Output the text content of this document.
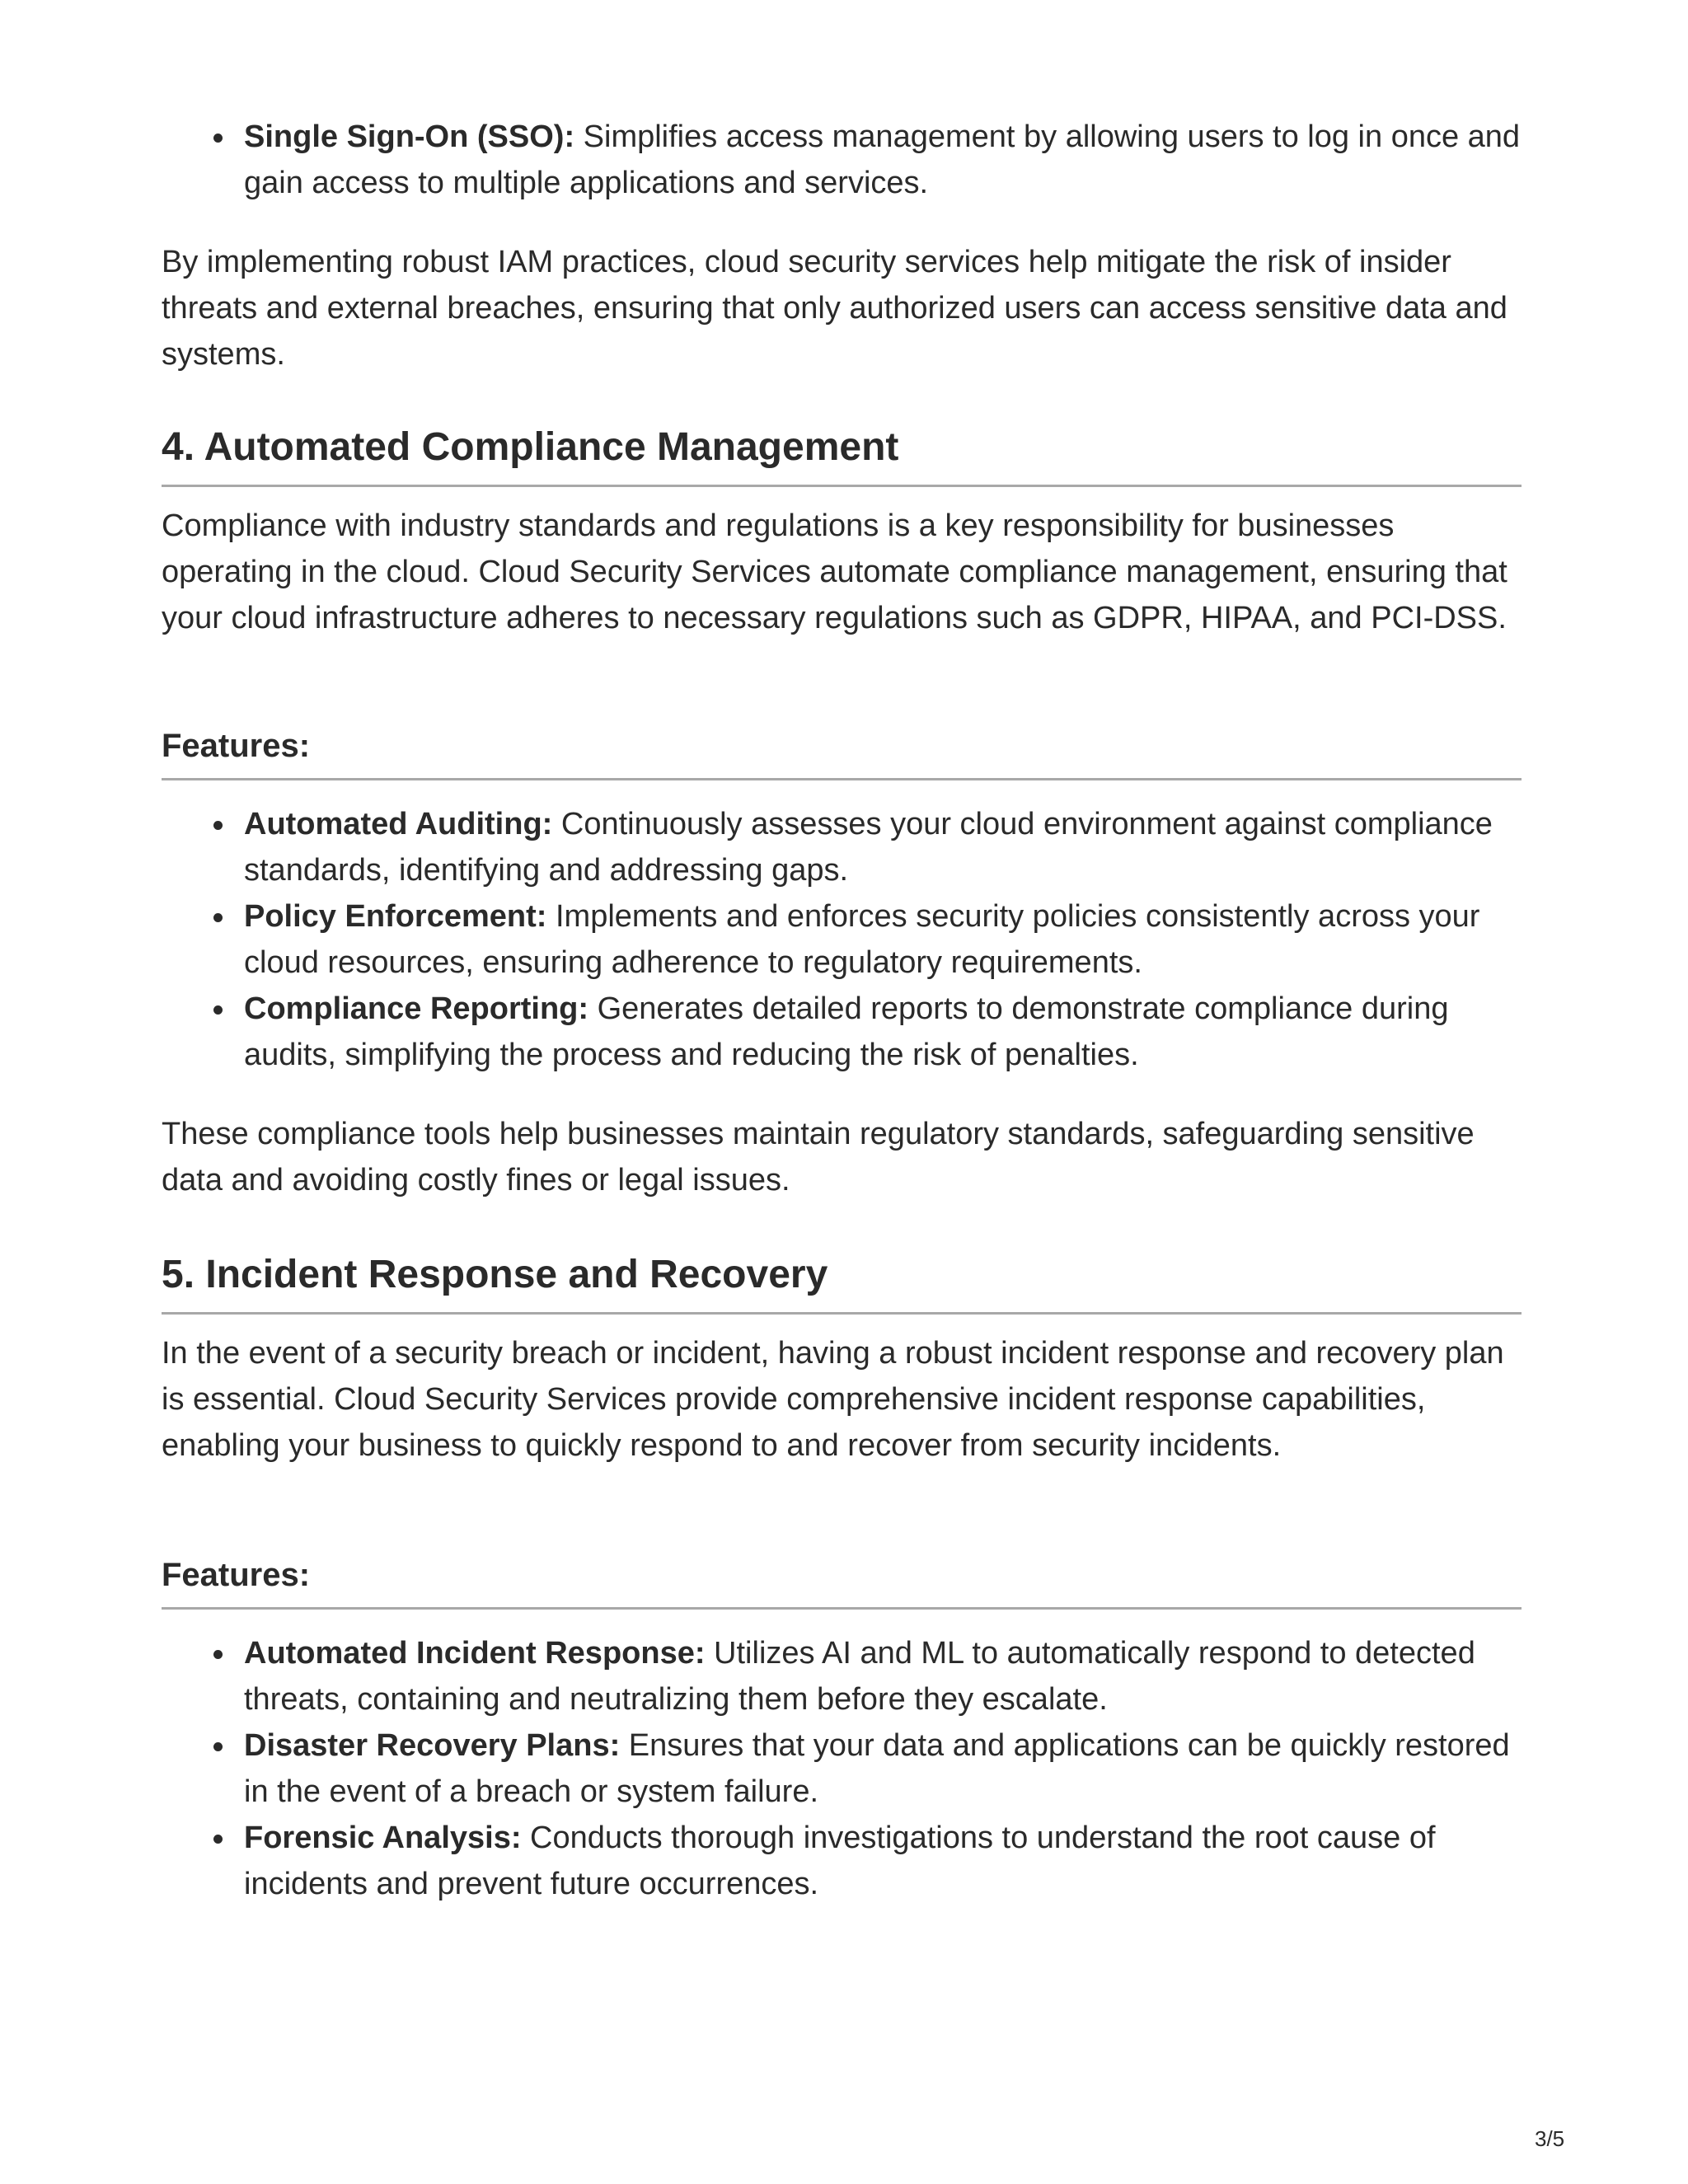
Single Sign-On (SSO): Simplifies access management by allowing users to log in once and gain access to multiple applications and services.

By implementing robust IAM practices, cloud security services help mitigate the risk of insider threats and external breaches, ensuring that only authorized users can access sensitive data and systems.

4. Automated Compliance Management

Compliance with industry standards and regulations is a key responsibility for businesses operating in the cloud. Cloud Security Services automate compliance management, ensuring that your cloud infrastructure adheres to necessary regulations such as GDPR, HIPAA, and PCI-DSS.

Features:
Automated Auditing: Continuously assesses your cloud environment against compliance standards, identifying and addressing gaps.
Policy Enforcement: Implements and enforces security policies consistently across your cloud resources, ensuring adherence to regulatory requirements.
Compliance Reporting: Generates detailed reports to demonstrate compliance during audits, simplifying the process and reducing the risk of penalties.

These compliance tools help businesses maintain regulatory standards, safeguarding sensitive data and avoiding costly fines or legal issues.

5. Incident Response and Recovery

In the event of a security breach or incident, having a robust incident response and recovery plan is essential. Cloud Security Services provide comprehensive incident response capabilities, enabling your business to quickly respond to and recover from security incidents.

Features:
Automated Incident Response: Utilizes AI and ML to automatically respond to detected threats, containing and neutralizing them before they escalate.
Disaster Recovery Plans: Ensures that your data and applications can be quickly restored in the event of a breach or system failure.
Forensic Analysis: Conducts thorough investigations to understand the root cause of incidents and prevent future occurrences.
3/5
